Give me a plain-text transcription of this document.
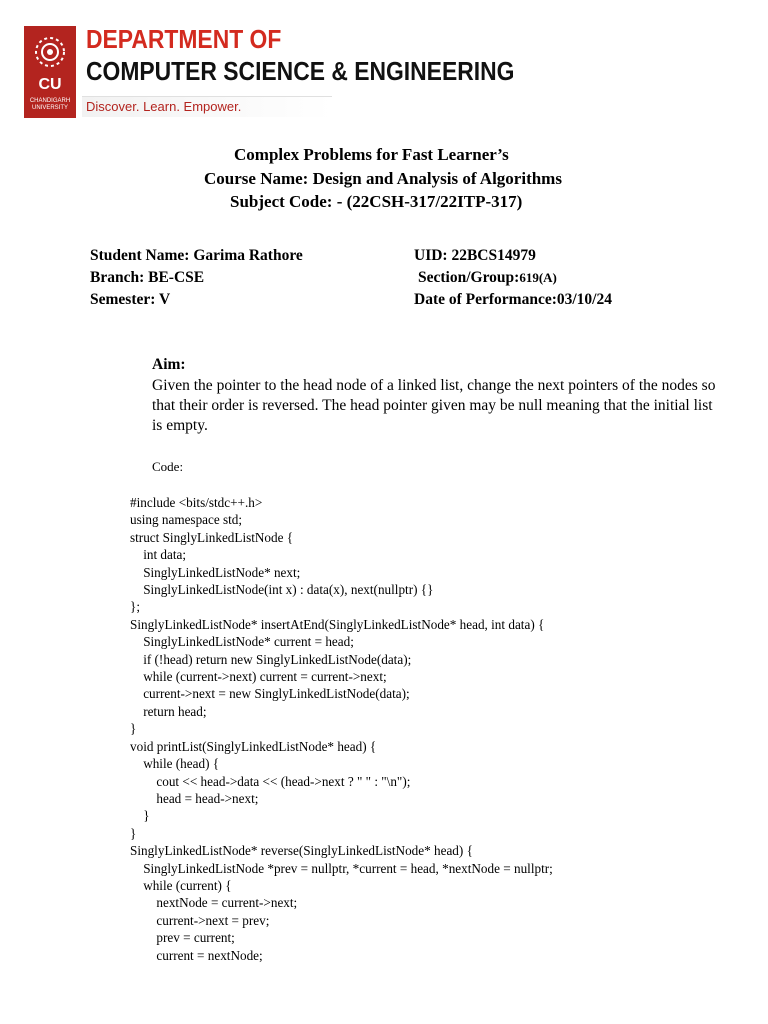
CU
CHANDIGARH UNIVERSITY
DEPARTMENT OF
COMPUTER SCIENCE & ENGINEERING
Discover. Learn. Empower.
Complex Problems for Fast Learner’s
Course Name: Design and Analysis of Algorithms
Subject Code: - (22CSH-317/22ITP-317)
Student Name: Garima Rathore
Branch: BE-CSE
Semester: V
UID: 22BCS14979
Section/Group:619(A)
Date of Performance:03/10/24
Aim:
Given the pointer to the head node of a linked list, change the next pointers of the nodes so that their order is reversed. The head pointer given may be null meaning that the initial list is empty.
Code:
#include <bits/stdc++.h>
using namespace std;
struct SinglyLinkedListNode {
int data;
SinglyLinkedListNode* next;
SinglyLinkedListNode(int x) : data(x), next(nullptr) {}
};
SinglyLinkedListNode* insertAtEnd(SinglyLinkedListNode* head, int data) {
SinglyLinkedListNode* current = head;
if (!head) return new SinglyLinkedListNode(data);
while (current->next) current = current->next;
current->next = new SinglyLinkedListNode(data);
return head;
}
void printList(SinglyLinkedListNode* head) {
while (head) {
cout << head->data << (head->next ? " " : "\n");
head = head->next;
}
}
SinglyLinkedListNode* reverse(SinglyLinkedListNode* head) {
SinglyLinkedListNode *prev = nullptr, *current = head, *nextNode = nullptr;
while (current) {
nextNode = current->next;
current->next = prev;
prev = current;
current = nextNode;
